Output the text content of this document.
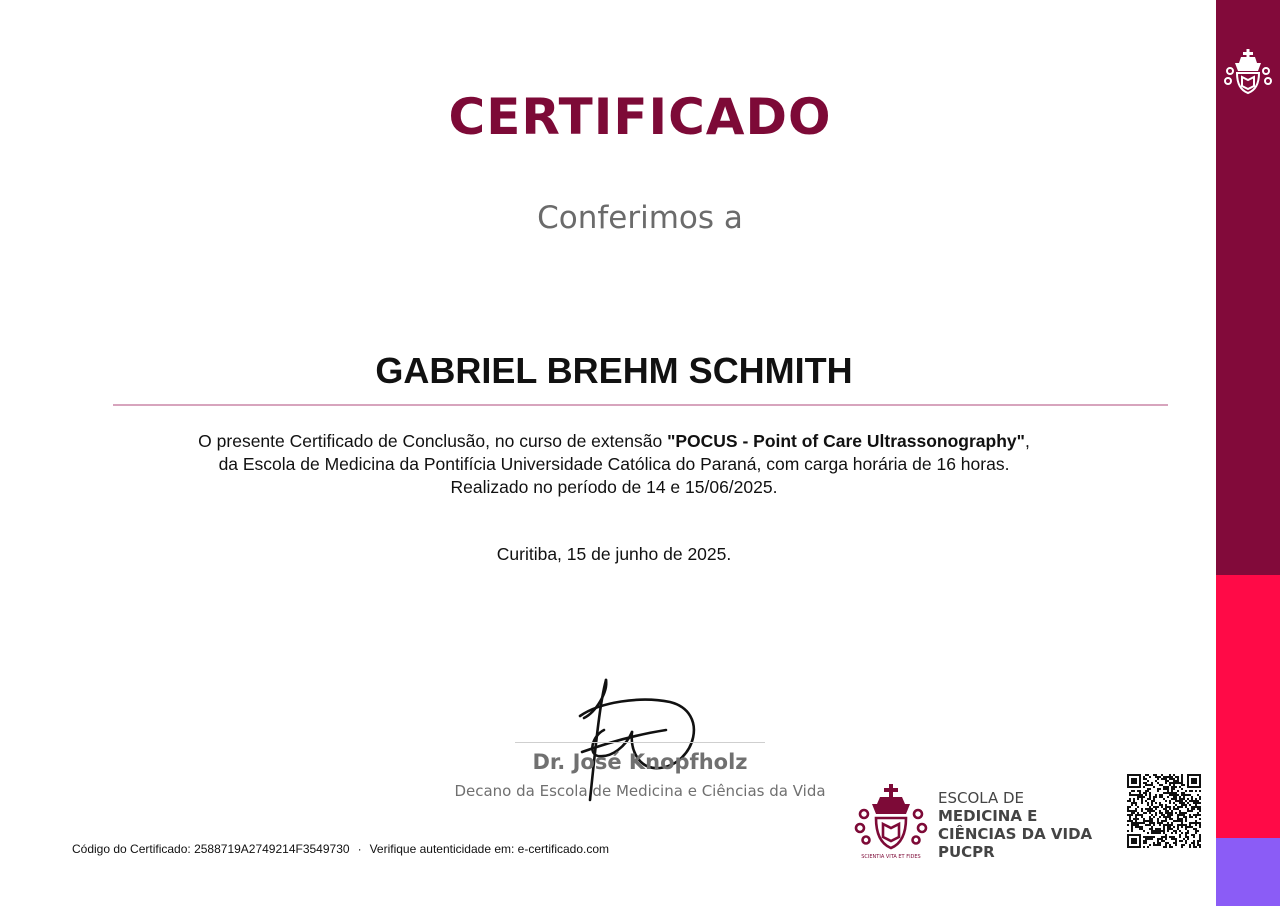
CERTIFICADO
Conferimos a
GABRIEL BREHM SCHMITH
O presente Certificado de Conclusão, no curso de extensão "POCUS - Point of Care Ultrassonography",
da Escola de Medicina da Pontifícia Universidade Católica do Paraná, com carga horária de 16 horas.
Realizado no período de 14 e 15/06/2025.
Curitiba, 15 de junho de 2025.
Dr. José Knopfholz
Decano da Escola de Medicina e Ciências da Vida
Código do Certificado: 2588719A2749214F3549730 · Verifique autenticidade em: e-certificado.com
SCIENTIA VITA ET FIDES
ESCOLA DE
MEDICINA E
CIÊNCIAS DA VIDA
PUCPR
